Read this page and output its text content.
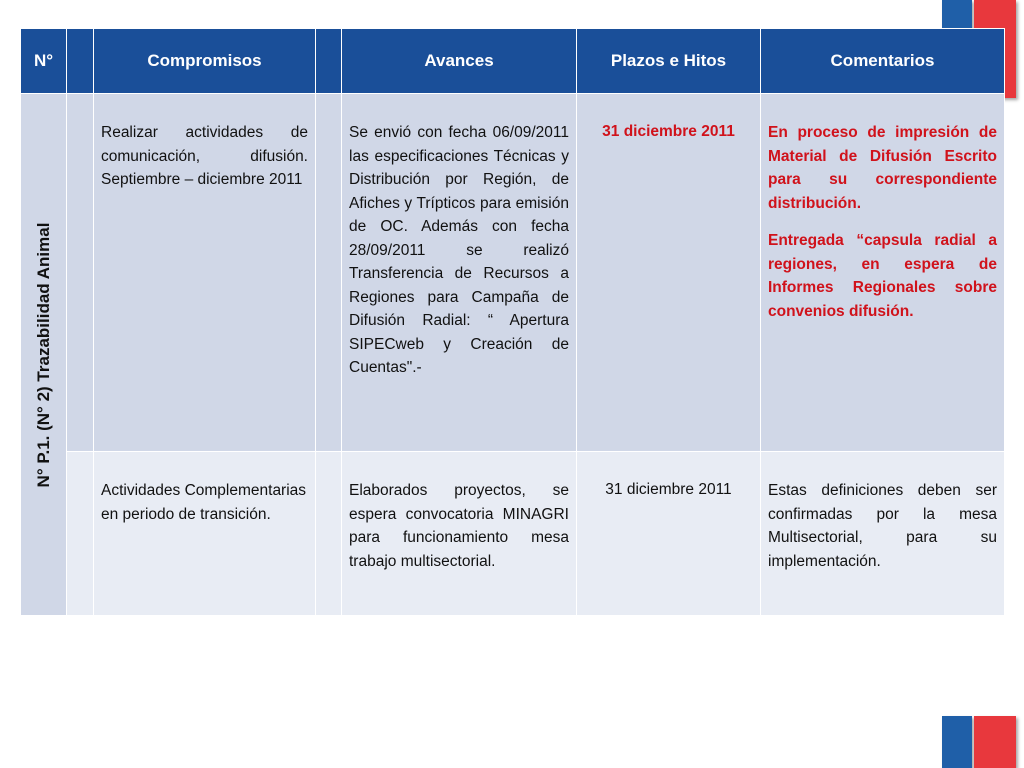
N°		Compromisos		Avances	Plazos e Hitos	Comentarios

N° P.1. (N° 2) Trazabilidad Animal		Realizar actividades de comunicación, difusión. Septiembre – diciembre 2011		Se envió con fecha 06/09/2011 las especificaciones Técnicas y Distribución por Región, de Afiches y Trípticos para emisión de OC. Además con fecha 28/09/2011 se realizó Transferencia de Recursos a Regiones para Campaña de Difusión Radial: “ Apertura SIPECweb y Creación de Cuentas".-	31 diciembre 2011	En proceso de impresión de Material de Difusión Escrito para su correspondiente distribución.

Entregada “capsula radial a regiones, en espera de Informes Regionales sobre convenios difusión.

		Actividades Complementarias en periodo de transición.		Elaborados proyectos, se espera convocatoria MINAGRI para funcionamiento mesa trabajo multisectorial.	31 diciembre 2011	Estas definiciones deben ser confirmadas por la mesa Multisectorial, para su implementación.
